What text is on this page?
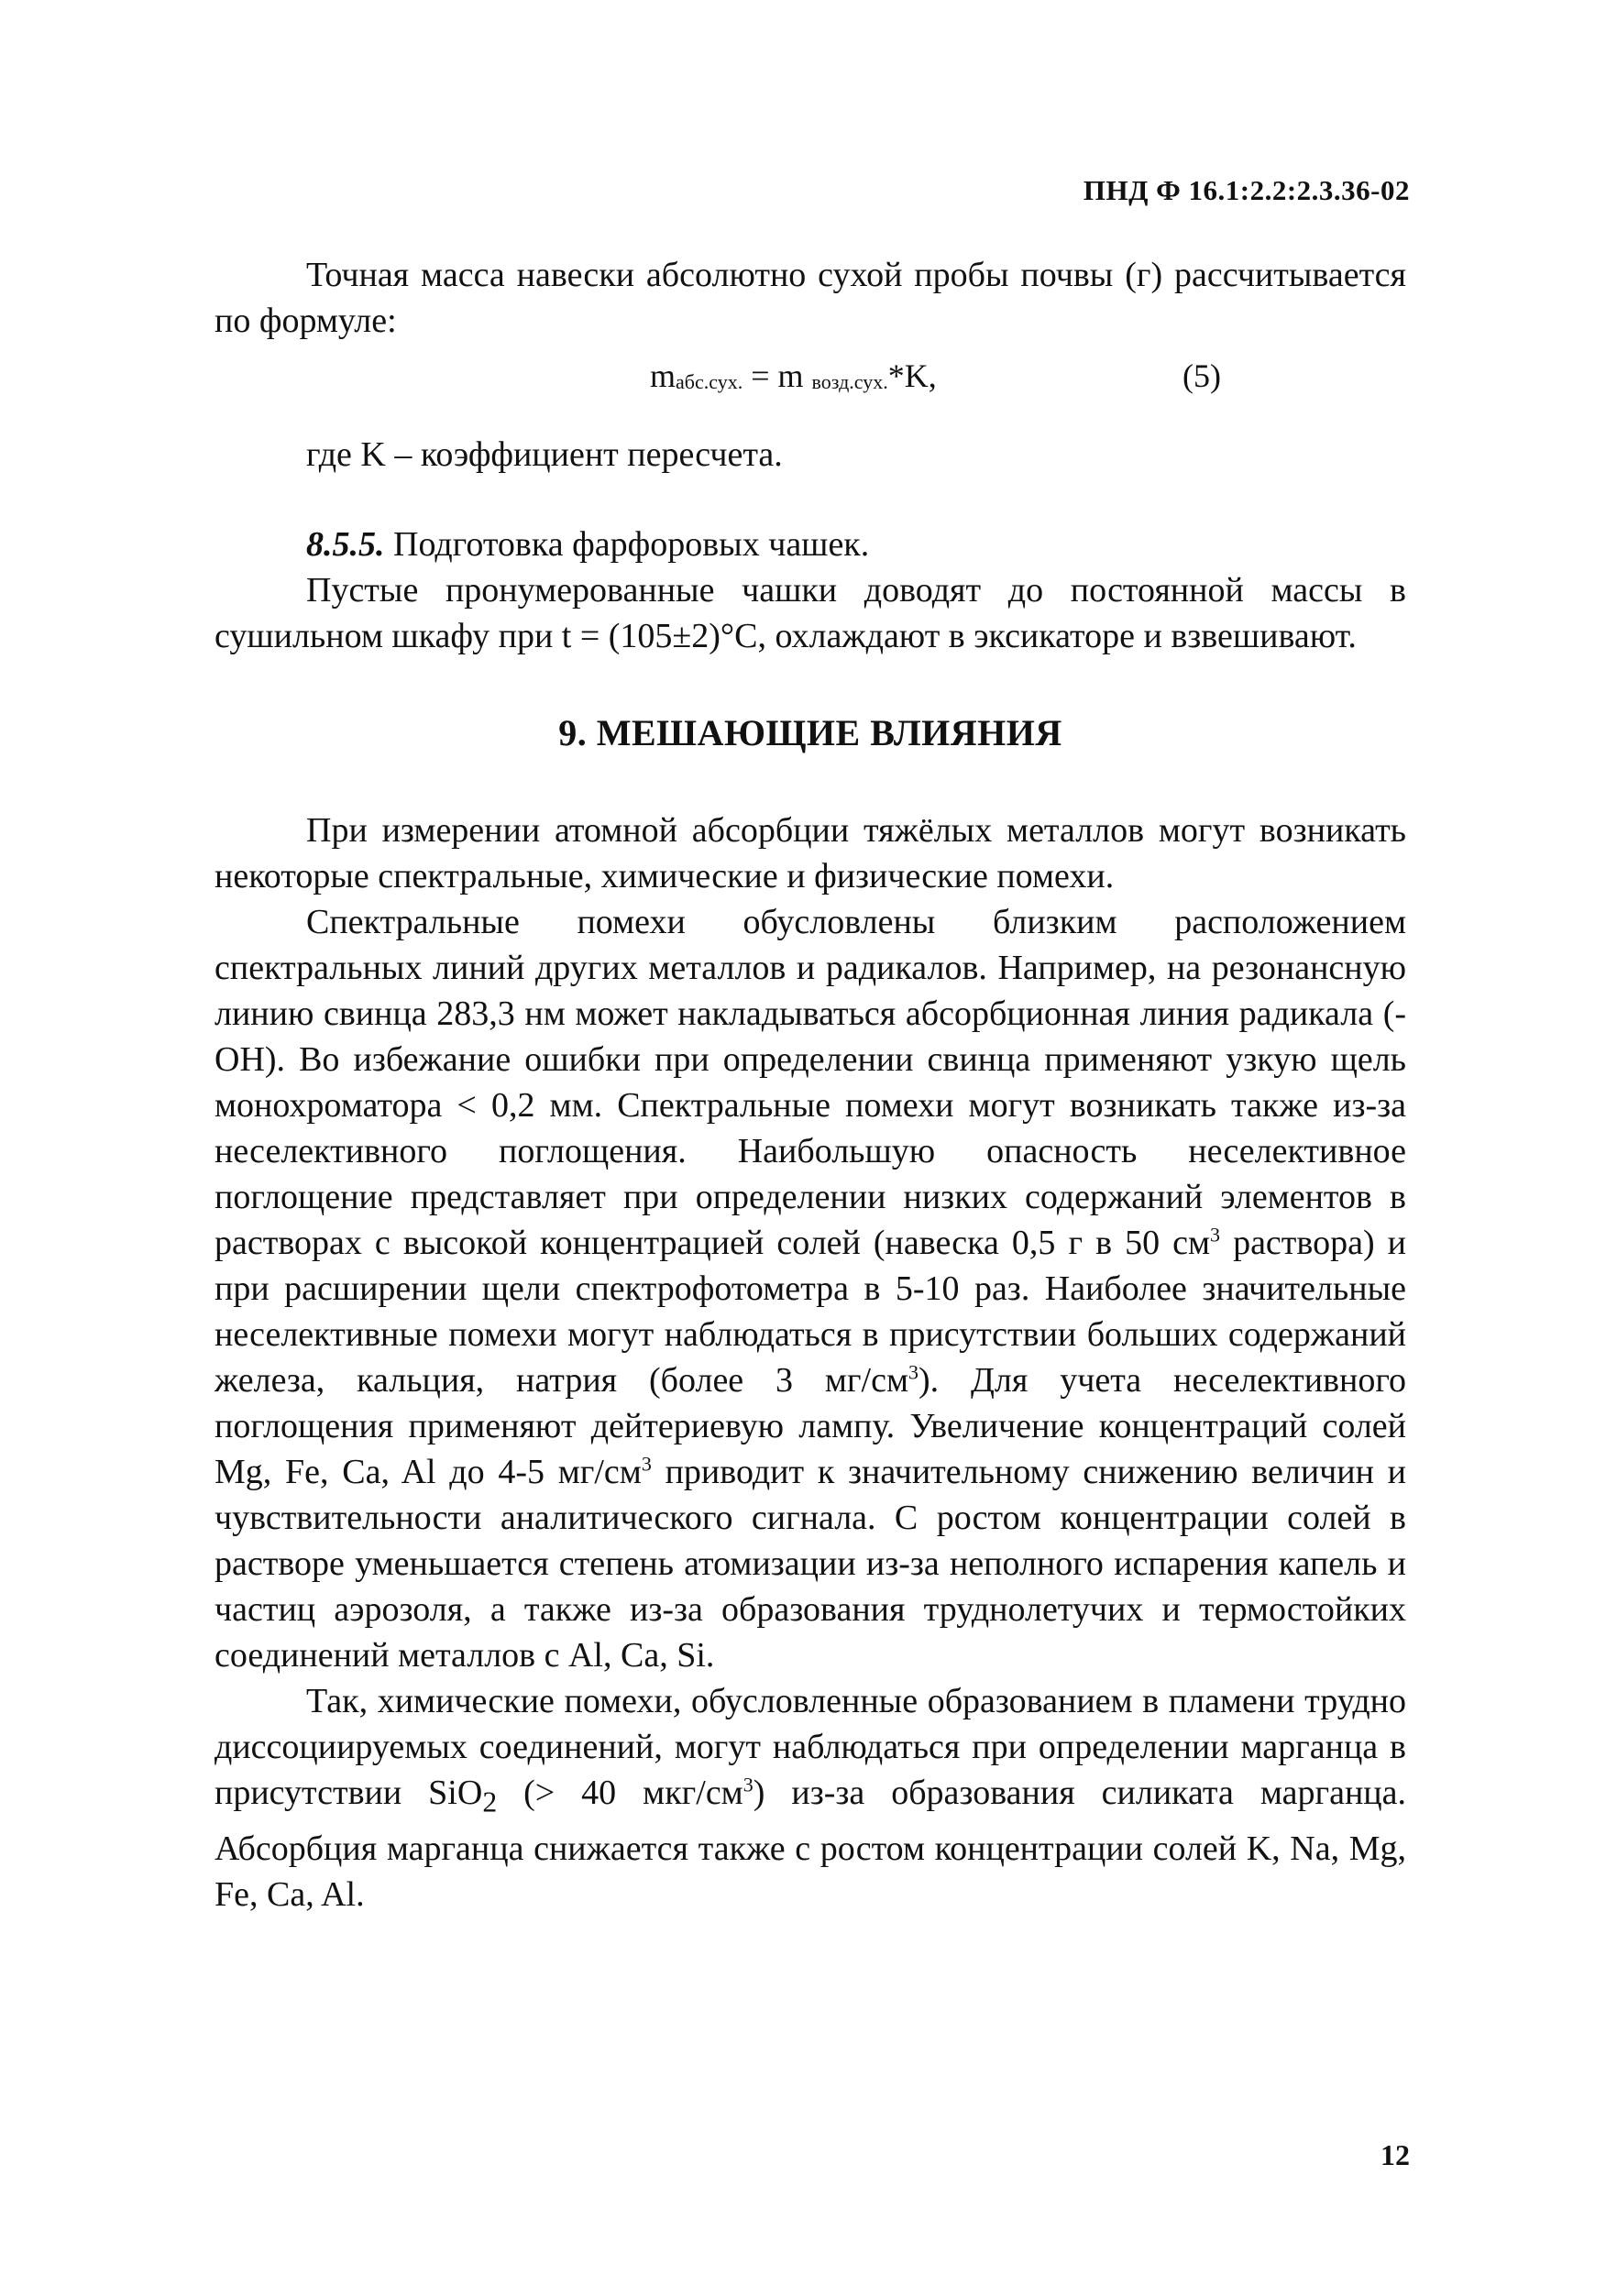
ПНД Ф 16.1:2.2:2.3.36-02

Точная масса навески абсолютно сухой пробы почвы (г) рассчитывается по формуле:

mабс.сух. = m возд.сух.*K,	(5)
где K – коэффициент пересчета.
8.5.5. Подготовка фарфоровых чашек.

Пустые пронумерованные чашки доводят до постоянной массы в сушильном шкафу при t = (105±2)°С, охлаждают в эксикаторе и взвешивают.

9. МЕШАЮЩИЕ ВЛИЯНИЯ

При измерении атомной абсорбции тяжёлых металлов могут возникать некоторые спектральные, химические и физические помехи.

Спектральные помехи обусловлены близким расположением спектральных линий других металлов и радикалов. Например, на резонансную линию свинца 283,3 нм может накладываться абсорбционная линия радикала (-OH). Во избежание ошибки при определении свинца применяют узкую щель монохроматора < 0,2 мм. Спектральные помехи могут возникать также из-за неселективного поглощения. Наибольшую опасность неселективное поглощение представляет при определении низких содержаний элементов в растворах с высокой концентрацией солей (навеска 0,5 г в 50 $см^3$ раствора) и при расширении щели спектрофотометра в 5-10 раз. Наиболее значительные неселективные помехи могут наблюдаться в присутствии больших содержаний железа, кальция, натрия (более 3 $мг/см^3$). Для учета неселективного поглощения применяют дейтериевую лампу. Увеличение концентраций солей Mg, Fe, Ca, Al до 4-5 $мг/см^3$ приводит к значительному снижению величин и чувствительности аналитического сигнала. С ростом концентрации солей в растворе уменьшается степень атомизации из-за неполного испарения капель и частиц аэрозоля, а также из-за образования труднолетучих и термостойких соединений металлов с Al, Ca, Si.

Так, химические помехи, обусловленные образованием в пламени трудно диссоциируемых соединений, могут наблюдаться при определении марганца в присутствии SiO$_2$ (> 40 мкг/$см^3$) из-за образования силиката марганца. Абсорбция марганца снижается также с ростом концентрации солей K, Na, Mg, Fe, Ca, Al.

12
